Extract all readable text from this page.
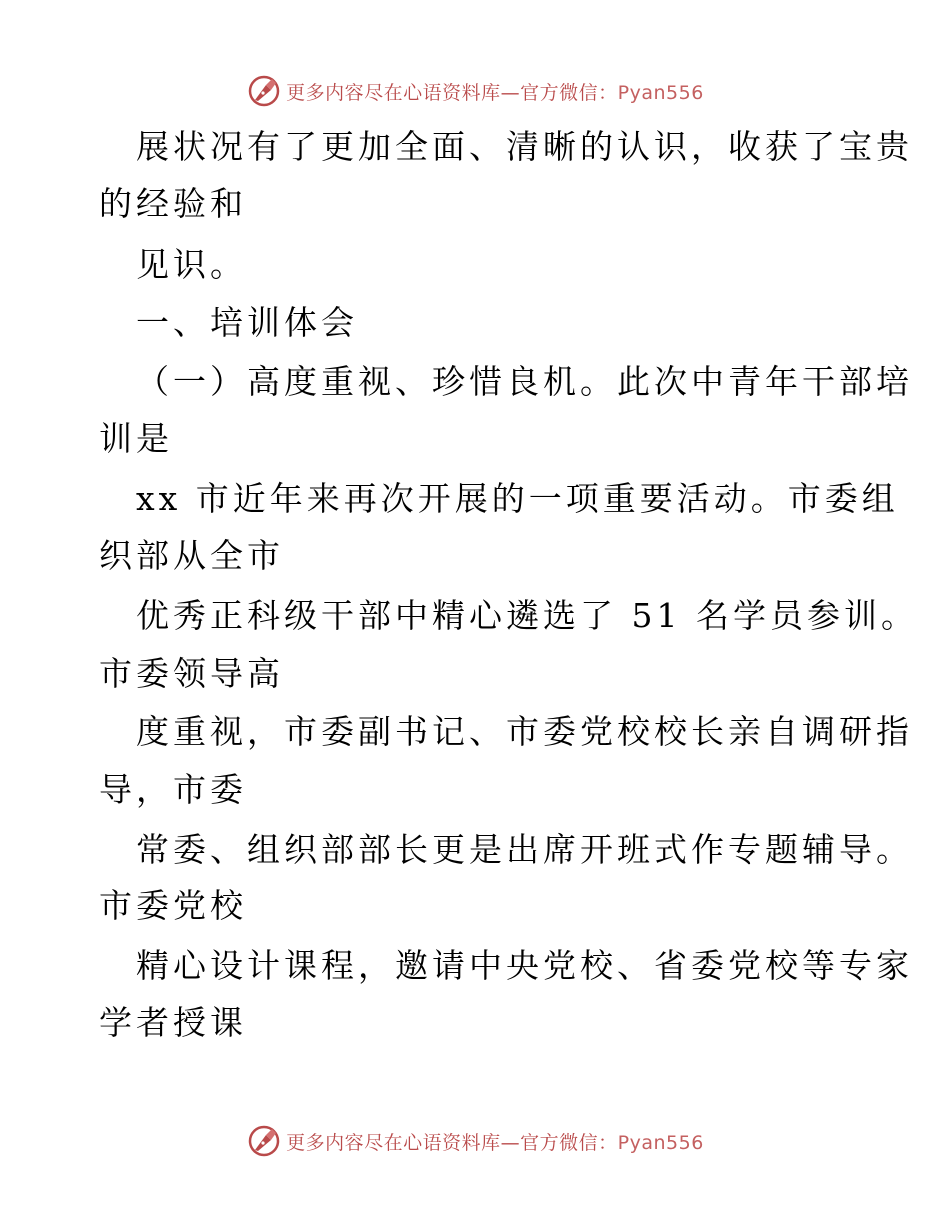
更多内容尽在心语资料库—官方微信：Pyan556
展状况有了更加全面、清晰的认识，收获了宝贵
的经验和
见识。
一、培训体会
（一）高度重视、珍惜良机。此次中青年干部培
训是
xx 市近年来再次开展的一项重要活动。市委组
织部从全市
优秀正科级干部中精心遴选了 51 名学员参训。
市委领导高
度重视，市委副书记、市委党校校长亲自调研指
导，市委
常委、组织部部长更是出席开班式作专题辅导。
市委党校
精心设计课程，邀请中央党校、省委党校等专家
学者授课
更多内容尽在心语资料库—官方微信：Pyan556
